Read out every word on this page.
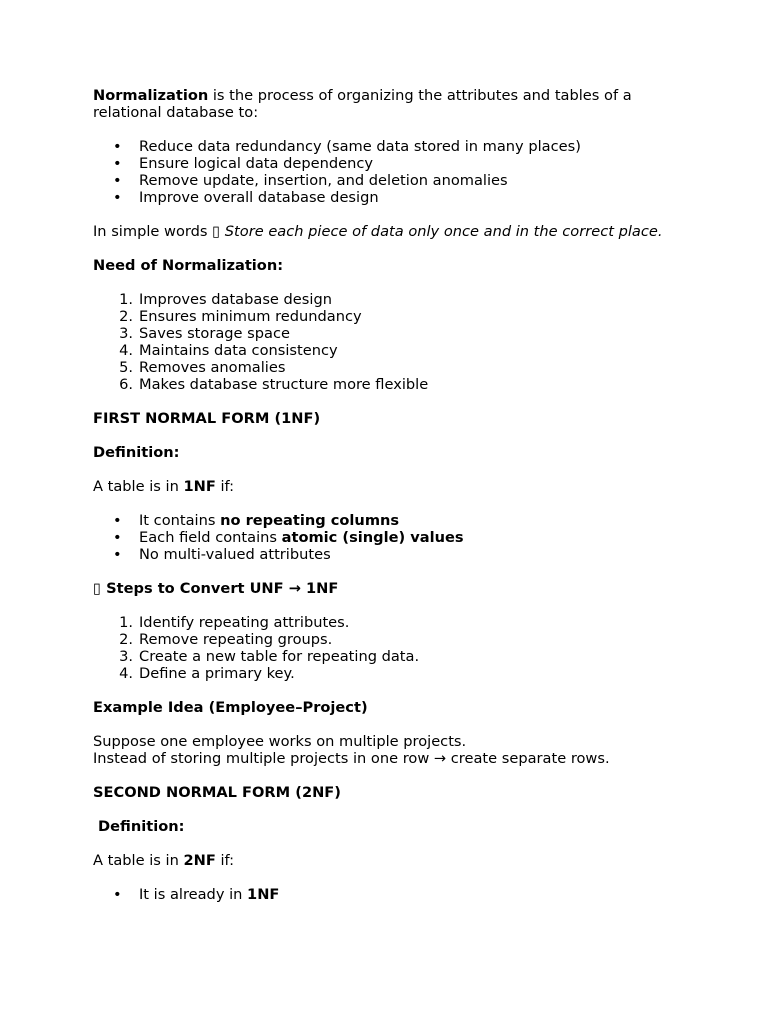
Normalization is the process of organizing the attributes and tables of a relational database to:

• Reduce data redundancy (same data stored in many places)
• Ensure logical data dependency
• Remove update, insertion, and deletion anomalies
• Improve overall database design

In simple words ▯ Store each piece of data only once and in the correct place.

Need of Normalization:

1. Improves database design
2. Ensures minimum redundancy
3. Saves storage space
4. Maintains data consistency
5. Removes anomalies
6. Makes database structure more flexible

FIRST NORMAL FORM (1NF)

Definition:

A table is in 1NF if:

• It contains no repeating columns
• Each field contains atomic (single) values
• No multi-valued attributes

▯ Steps to Convert UNF → 1NF

1. Identify repeating attributes.
2. Remove repeating groups.
3. Create a new table for repeating data.
4. Define a primary key.

Example Idea (Employee–Project)

Suppose one employee works on multiple projects.

Instead of storing multiple projects in one row → create separate rows.

SECOND NORMAL FORM (2NF)

Definition:

A table is in 2NF if:

• It is already in 1NF
